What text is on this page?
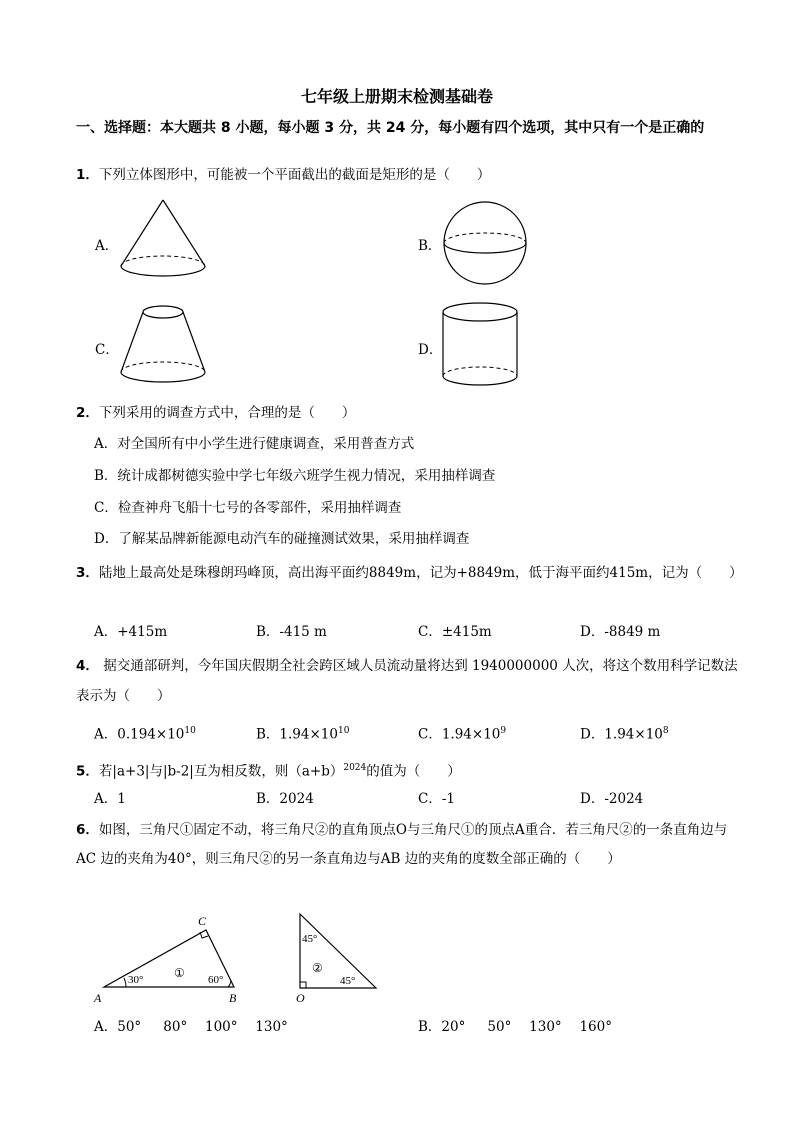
七年级上册期末检测基础卷
一、选择题：本大题共 8 小题，每小题 3 分，共 24 分，每小题有四个选项，其中只有一个是正确的
1．下列立体图形中，可能被一个平面截出的截面是矩形的是（　　）
A．	B．
C．	D．
2．下列采用的调查方式中，合理的是（　　）
A．对全国所有中小学生进行健康调查，采用普查方式
B．统计成都树德实验中学七年级六班学生视力情况，采用抽样调查
C．检查神舟飞船十七号的各零部件，采用抽样调查
D．了解某品牌新能源电动汽车的碰撞测试效果，采用抽样调查
3．陆地上最高处是珠穆朗玛峰顶，高出海平面约8849m，记为+8849m，低于海平面约415m，记为（　　）
A．+415m	B．-415 m	C．±415m	D．-8849 m
4． 据交通部研判，今年国庆假期全社会跨区域人员流动量将达到 1940000000 人次，将这个数用科学记数法表示为（　　）
A．$0.194\times 10^{10}$	B．$1.94\times 10^{10}$	C．$1.94\times 10^9$	D．$1.94\times 10^8$
5．若|a+3|与|b-2|互为相反数，则$(a+b)^{2024}$的值为（　　）
A．1	B．2024	C．-1	D．-2024
6．如图，三角尺①固定不动，将三角尺②的直角顶点O与三角尺①的顶点A重合．若三角尺②的一条直角边与AC 边的夹角为40°，则三角尺②的另一条直角边与AB 边的夹角的度数全部正确的（　　）
A	B
C
30°	60°
①
O
45°
45°
②
A．50°　  80°　 100°　 130°	B．20°　  50°　 130°　 160°
